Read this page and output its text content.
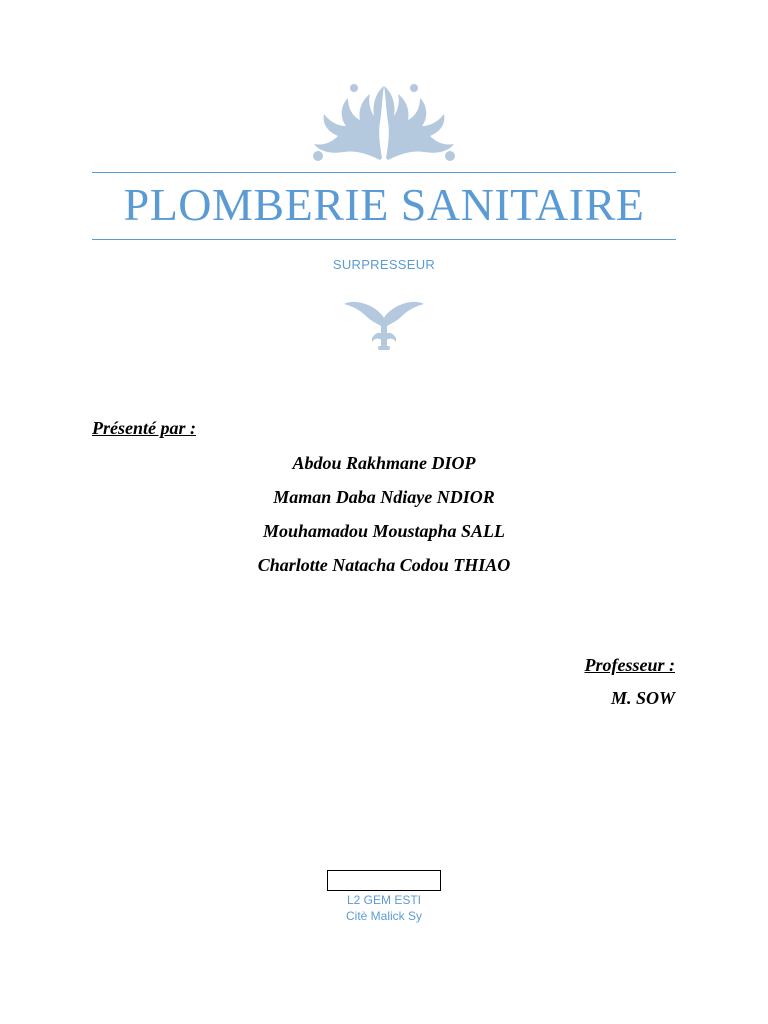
PLOMBERIE SANITAIRE
SURPRESSEUR
Présenté par :
Abdou Rakhmane DIOP
Maman Daba Ndiaye NDIOR
Mouhamadou Moustapha SALL
Charlotte Natacha Codou THIAO
Professeur :
M. SOW
L2 GEM ESTI
Citè Malick Sy
